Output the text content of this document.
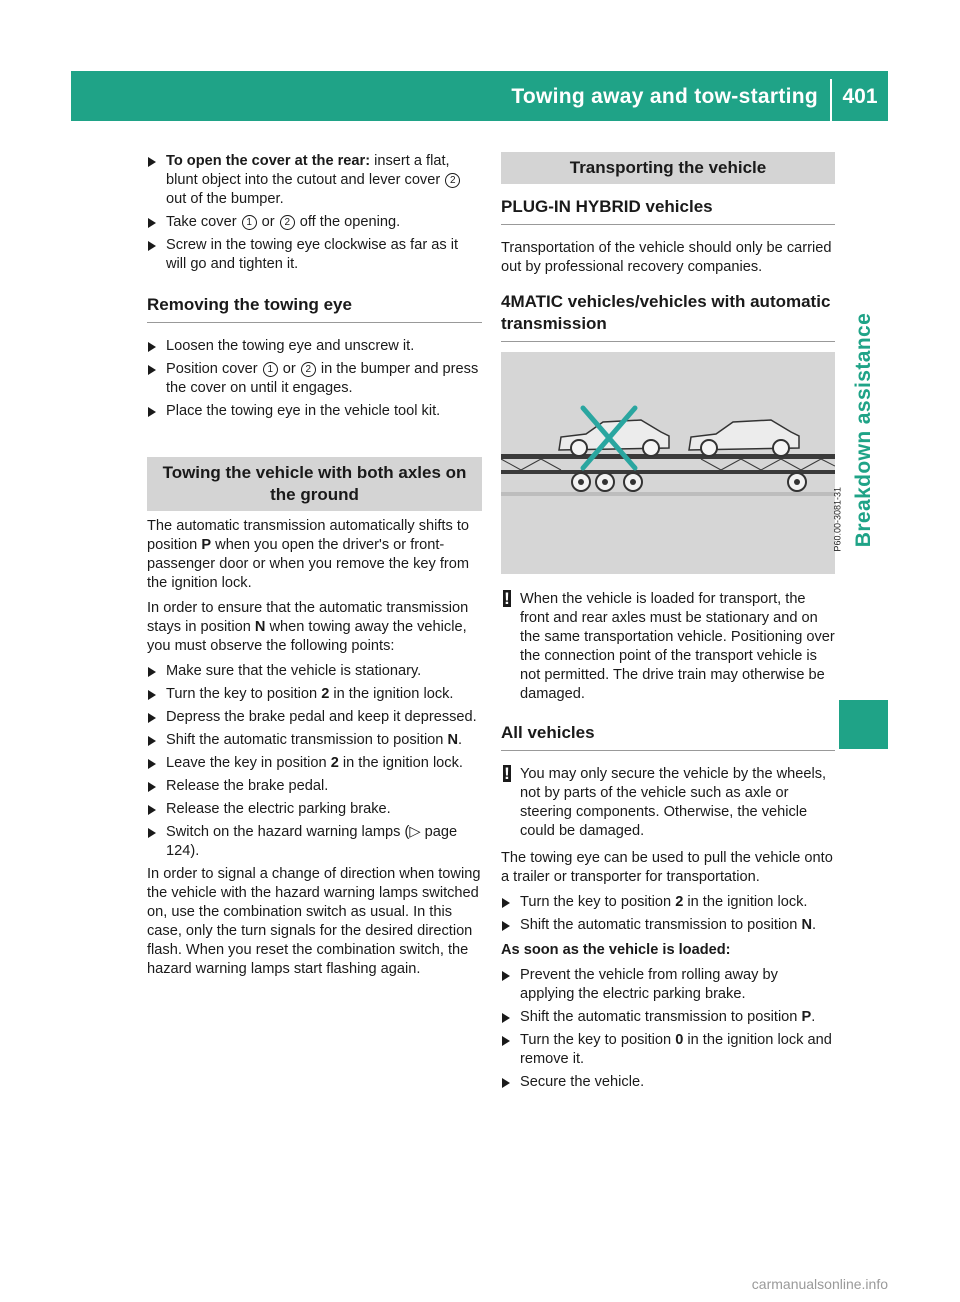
Towing away and tow-starting	401
Breakdown assistance
To open the cover at the rear: insert a flat, blunt object into the cutout and lever cover 2 out of the bumper.
Take cover 1 or 2 off the opening.
Screw in the towing eye clockwise as far as it will go and tighten it.
Removing the towing eye
Loosen the towing eye and unscrew it.
Position cover 1 or 2 in the bumper and press the cover on until it engages.
Place the towing eye in the vehicle tool kit.
Towing the vehicle with both axles on the ground
The automatic transmission automatically shifts to position P when you open the driver's or front-passenger door or when you remove the key from the ignition lock.
In order to ensure that the automatic transmission stays in position N when towing away the vehicle, you must observe the following points:
Make sure that the vehicle is stationary.
Turn the key to position 2 in the ignition lock.
Depress the brake pedal and keep it depressed.
Shift the automatic transmission to position N.
Leave the key in position 2 in the ignition lock.
Release the brake pedal.
Release the electric parking brake.
Switch on the hazard warning lamps (▷ page 124).
In order to signal a change of direction when towing the vehicle with the hazard warning lamps switched on, use the combination switch as usual. In this case, only the turn signals for the desired direction flash. When you reset the combination switch, the hazard warning lamps start flashing again.
Transporting the vehicle
PLUG-IN HYBRID vehicles
Transportation of the vehicle should only be carried out by professional recovery companies.
4MATIC vehicles/vehicles with automatic transmission
P60.00-3081-31
! When the vehicle is loaded for transport, the front and rear axles must be stationary and on the same transportation vehicle. Positioning over the connection point of the transport vehicle is not permitted. The drive train may otherwise be damaged.
All vehicles
! You may only secure the vehicle by the wheels, not by parts of the vehicle such as axle or steering components. Otherwise, the vehicle could be damaged.
The towing eye can be used to pull the vehicle onto a trailer or transporter for transportation.
Turn the key to position 2 in the ignition lock.
Shift the automatic transmission to position N.
As soon as the vehicle is loaded:
Prevent the vehicle from rolling away by applying the electric parking brake.
Shift the automatic transmission to position P.
Turn the key to position 0 in the ignition lock and remove it.
Secure the vehicle.
carmanualsonline.info
